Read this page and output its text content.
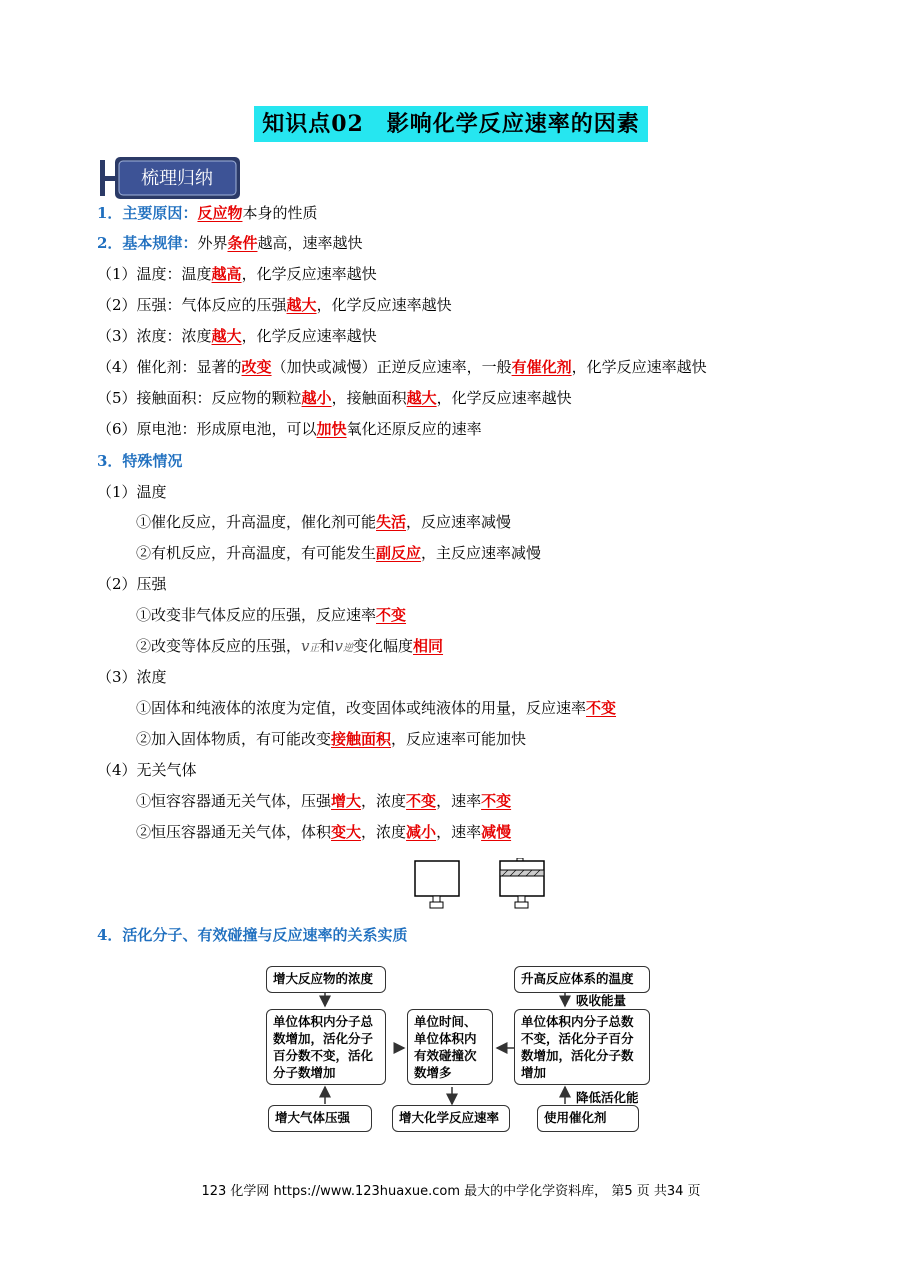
知识点02　影响化学反应速率的因素
梳理归纳
1．主要原因：反应物本身的性质
2．基本规律：外界条件越高，速率越快
（1）温度：温度越高，化学反应速率越快
（2）压强：气体反应的压强越大，化学反应速率越快
（3）浓度：浓度越大，化学反应速率越快
（4）催化剂：显著的改变（加快或减慢）正逆反应速率，一般有催化剂，化学反应速率越快
（5）接触面积：反应物的颗粒越小，接触面积越大，化学反应速率越快
（6）原电池：形成原电池，可以加快氧化还原反应的速率
3．特殊情况
（1）温度
①催化反应，升高温度，催化剂可能失活，反应速率减慢
②有机反应，升高温度，有可能发生副反应，主反应速率减慢
（2）压强
①改变非气体反应的压强，反应速率不变
②改变等体反应的压强，v正和v逆变化幅度相同
（3）浓度
①固体和纯液体的浓度为定值，改变固体或纯液体的用量，反应速率不变
②加入固体物质，有可能改变接触面积，反应速率可能加快
（4）无关气体
①恒容容器通无关气体，压强增大，浓度不变，速率不变
②恒压容器通无关气体，体积变大，浓度减小，速率减慢
4．活化分子、有效碰撞与反应速率的关系实质
增大反应物的浓度
单位体积内分子总数增加，活化分子百分数不变，活化分子数增加
增大气体压强
单位时间、单位体积内有效碰撞次数增多
增大化学反应速率
升高反应体系的温度
单位体积内分子总数不变，活化分子百分数增加，活化分子数增加
使用催化剂
吸收能量
降低活化能
123 化学网 https://www.123huaxue.com 最大的中学化学资料库， 第5 页 共34 页
